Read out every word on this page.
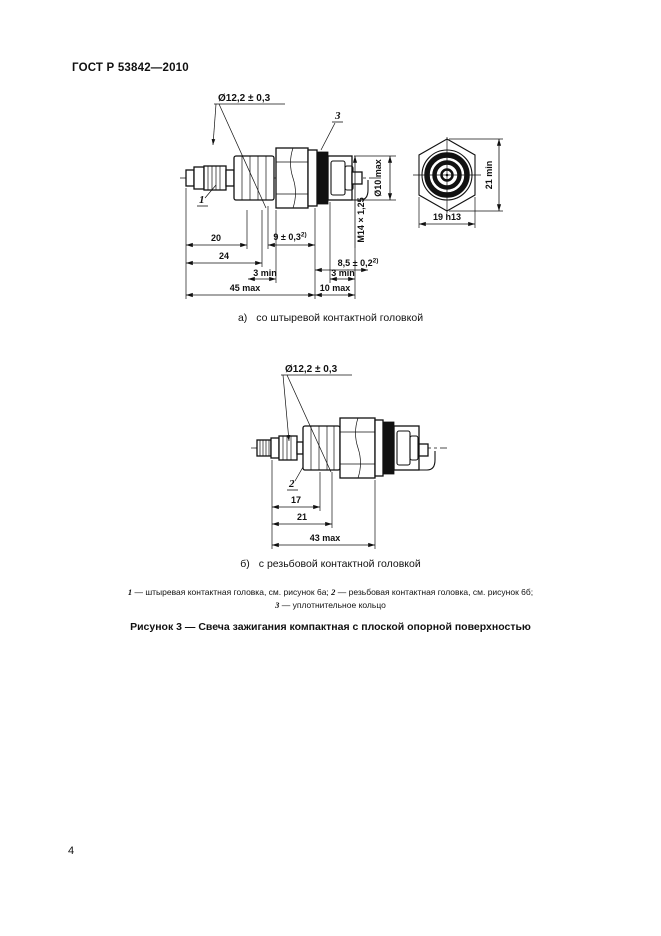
ГОСТ Р 53842—2010
Ø12,2 ± 0,3
3
1	M14 × 1,25
Ø10 max
20	$9 \pm 0,3^{2)}$
24
$8,5 \pm 0,2^{2)}$
3 min	3 min
45 max	10 max
21 min
19 h13
а) со штыревой контактной головкой
Ø12,2 ± 0,3
2
17
21
43 max
б) с резьбовой контактной головкой
1 — штыревая контактная головка, см. рисунок 6а; 2 — резьбовая контактная головка, см. рисунок 6б;
3 — уплотнительное кольцо
Рисунок 3 — Свеча зажигания компактная с плоской опорной поверхностью
4
